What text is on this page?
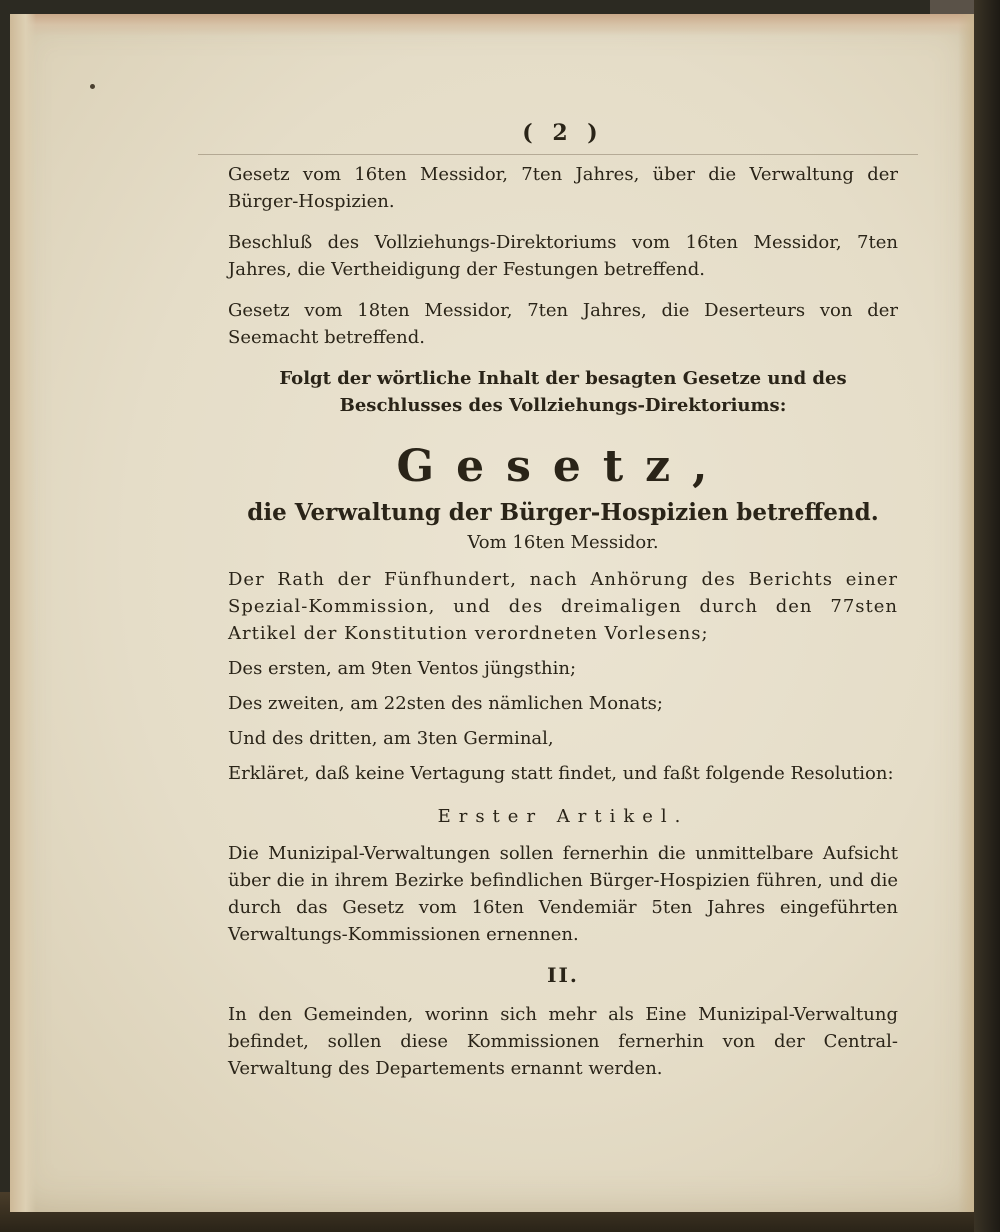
( 2 )

Gesetz vom 16ten Messidor, 7ten Jahres, über die Verwaltung der Bürger-Hospizien.

Beschluß des Vollziehungs-Direktoriums vom 16ten Messidor, 7ten Jahres, die Vertheidigung der Festungen betreffend.

Gesetz vom 18ten Messidor, 7ten Jahres, die Deserteurs von der Seemacht betreffend.

Folgt der wörtliche Inhalt der besagten Gesetze und des Beschlusses des Vollziehungs-Direktoriums:

Gesetz,
die Verwaltung der Bürger-Hospizien betreffend.
Vom 16ten Messidor.

Der Rath der Fünfhundert, nach Anhörung des Berichts einer Spezial-Kommission, und des dreimaligen durch den 77sten Artikel der Konstitution verordneten Vorlesens;

Des ersten, am 9ten Ventos jüngsthin;

Des zweiten, am 22sten des nämlichen Monats;

Und des dritten, am 3ten Germinal,

Erkläret, daß keine Vertagung statt findet, und faßt folgende Resolution:

Erster Artikel.

Die Munizipal-Verwaltungen sollen fernerhin die unmittelbare Aufsicht über die in ihrem Bezirke befindlichen Bürger-Hospizien führen, und die durch das Gesetz vom 16ten Vendemiär 5ten Jahres eingeführten Verwaltungs-Kommissionen ernennen.

II.

In den Gemeinden, worinn sich mehr als Eine Munizipal-Verwaltung befindet, sollen diese Kommissionen fernerhin von der Central-Verwaltung des Departements ernannt werden.
